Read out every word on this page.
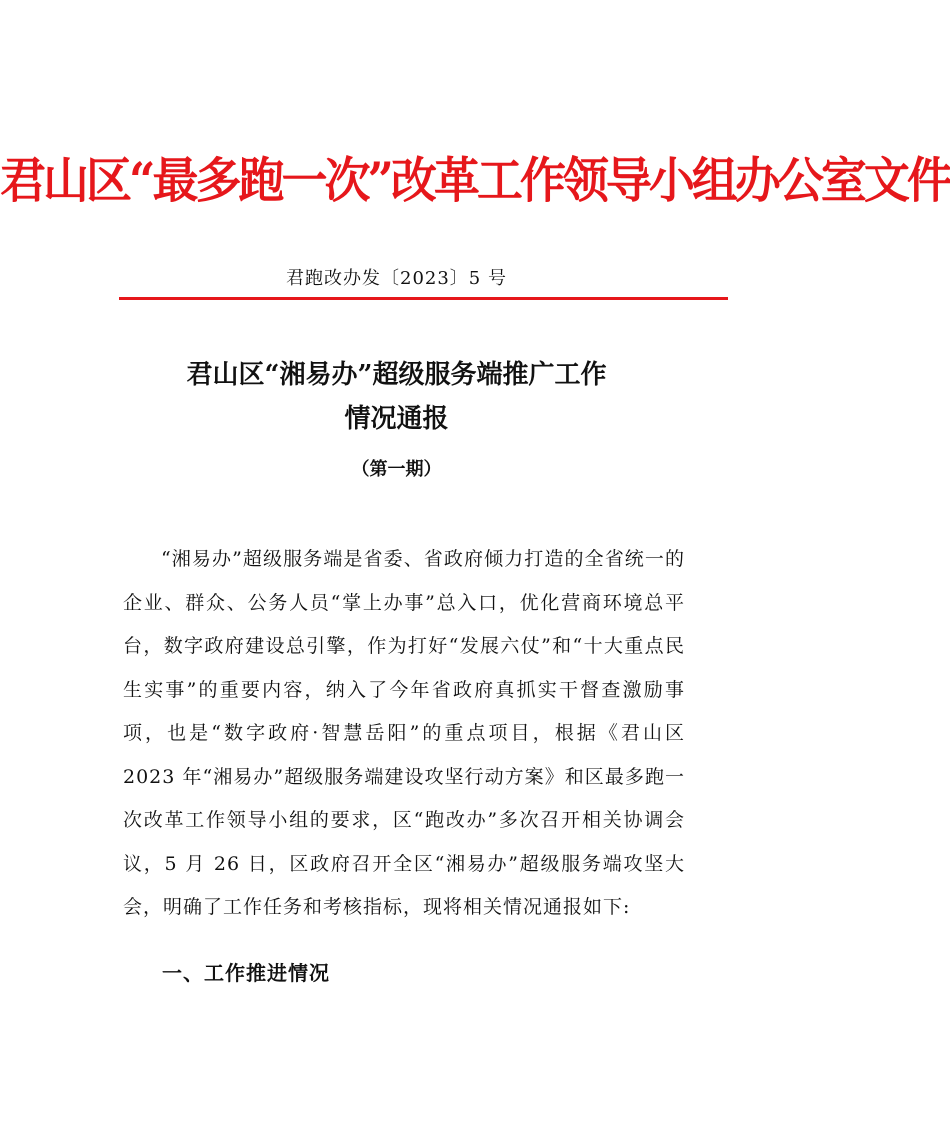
君山区“最多跑一次”改革工作领导小组办公室文件
君跑改办发〔2023〕5 号
君山区“湘易办”超级服务端推广工作
情况通报
（第一期）

“湘易办”超级服务端是省委、省政府倾力打造的全省统一的企业、群众、公务人员“掌上办事”总入口，优化营商环境总平台，数字政府建设总引擎，作为打好“发展六仗”和“十大重点民生实事”的重要内容，纳入了今年省政府真抓实干督查激励事项，也是“数字政府·智慧岳阳”的重点项目，根据《君山区 2023 年“湘易办”超级服务端建设攻坚行动方案》和区最多跑一次改革工作领导小组的要求，区“跑改办”多次召开相关协调会议，5 月 26 日，区政府召开全区“湘易办”超级服务端攻坚大会，明确了工作任务和考核指标，现将相关情况通报如下:

一、工作推进情况
